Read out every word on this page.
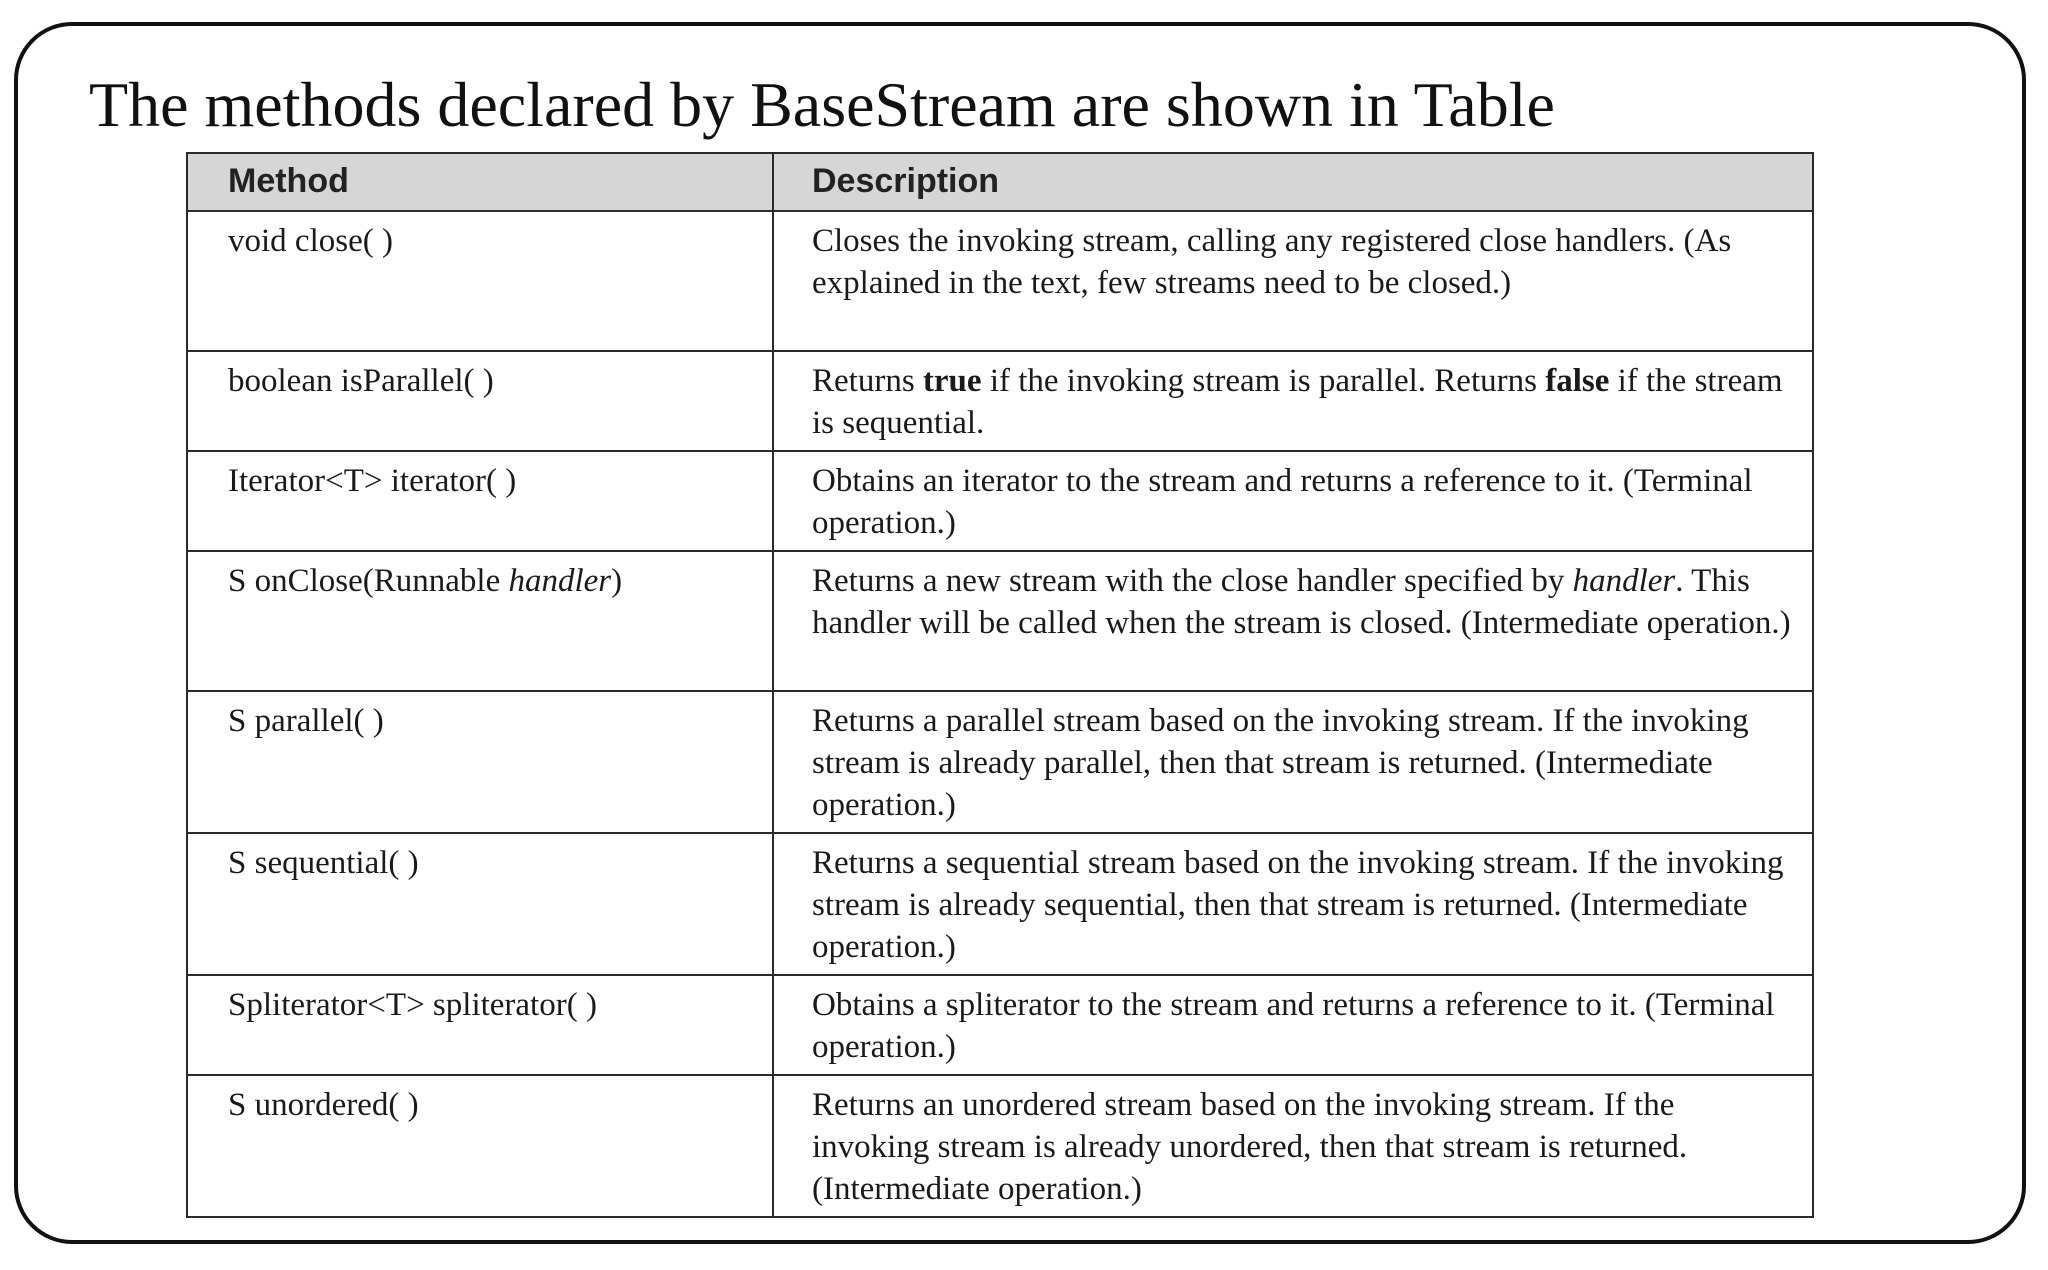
The methods declared by BaseStream are shown in Table
Method	Description
void close( )	Closes the invoking stream, calling any registered close handlers. (As explained in the text, few streams need to be closed.)
boolean isParallel( )	Returns true if the invoking stream is parallel. Returns false if the stream is sequential.
Iterator<T> iterator( )	Obtains an iterator to the stream and returns a reference to it. (Terminal operation.)
S onClose(Runnable handler)	Returns a new stream with the close handler specified by handler. This handler will be called when the stream is closed. (Intermediate operation.)
S parallel( )	Returns a parallel stream based on the invoking stream. If the invoking stream is already parallel, then that stream is returned. (Intermediate operation.)
S sequential( )	Returns a sequential stream based on the invoking stream. If the invoking stream is already sequential, then that stream is returned. (Intermediate operation.)
Spliterator<T> spliterator( )	Obtains a spliterator to the stream and returns a reference to it. (Terminal operation.)
S unordered( )	Returns an unordered stream based on the invoking stream. If the invoking stream is already unordered, then that stream is returned. (Intermediate operation.)
